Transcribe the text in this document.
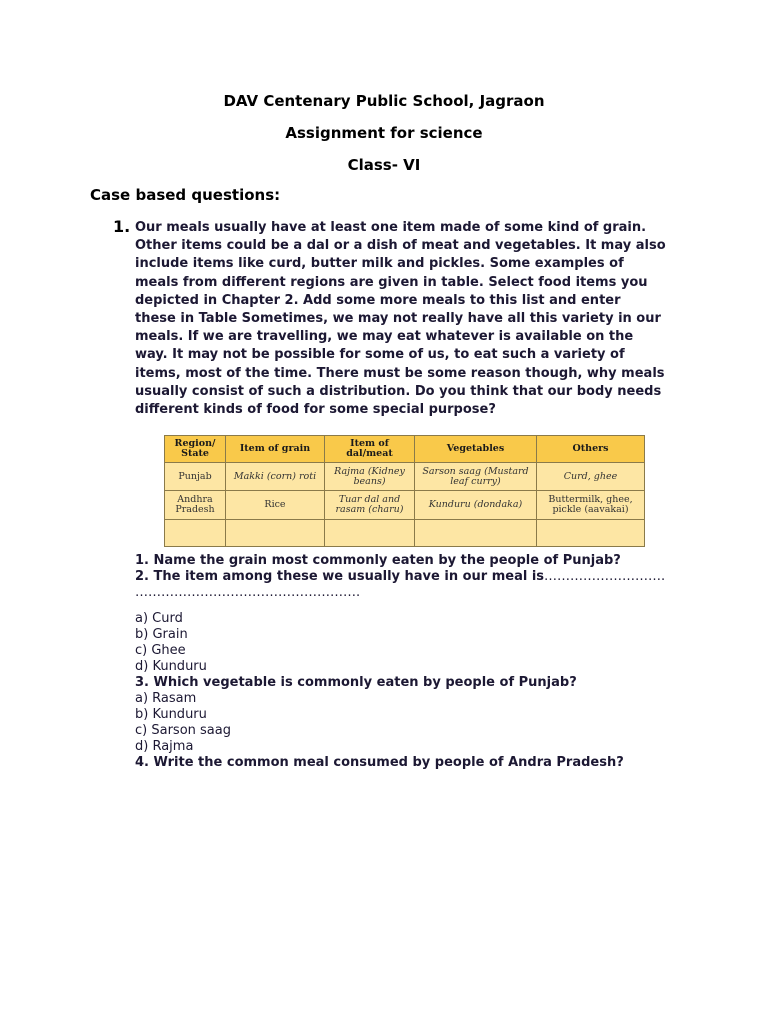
DAV Centenary Public School, Jagraon
Assignment for science
Class- VI
Case based questions:
1. Our meals usually have at least one item made of some kind of grain.
Other items could be a dal or a dish of meat and vegetables. It may also
include items like curd, butter milk and pickles. Some examples of
meals from different regions are given in table. Select food items you
depicted in Chapter 2. Add some more meals to this list and enter
these in Table Sometimes, we may not really have all this variety in our
meals. If we are travelling, we may eat whatever is available on the
way. It may not be possible for some of us, to eat such a variety of
items, most of the time. There must be some reason though, why meals
usually consist of such a distribution. Do you think that our body needs
different kinds of food for some special purpose?
Region/ State	Item of grain	Item of dal/meat	Vegetables	Others
Punjab	Makki (corn) roti	Rajma (Kidney beans)	Sarson saag (Mustard leaf curry)	Curd, ghee
Andhra Pradesh	Rice	Tuar dal and rasam (charu)	Kunduru (dondaka)	Buttermilk, ghee, pickle (aavakai)

1. Name the grain most commonly eaten by the people of Punjab?
2. The item among these we usually have in our meal is……………………….
…………………………………………….
a) Curd
b) Grain
c) Ghee
d) Kunduru
3. Which vegetable is commonly eaten by people of Punjab?
a) Rasam
b) Kunduru
c) Sarson saag
d) Rajma
4. Write the common meal consumed by people of Andra Pradesh?
